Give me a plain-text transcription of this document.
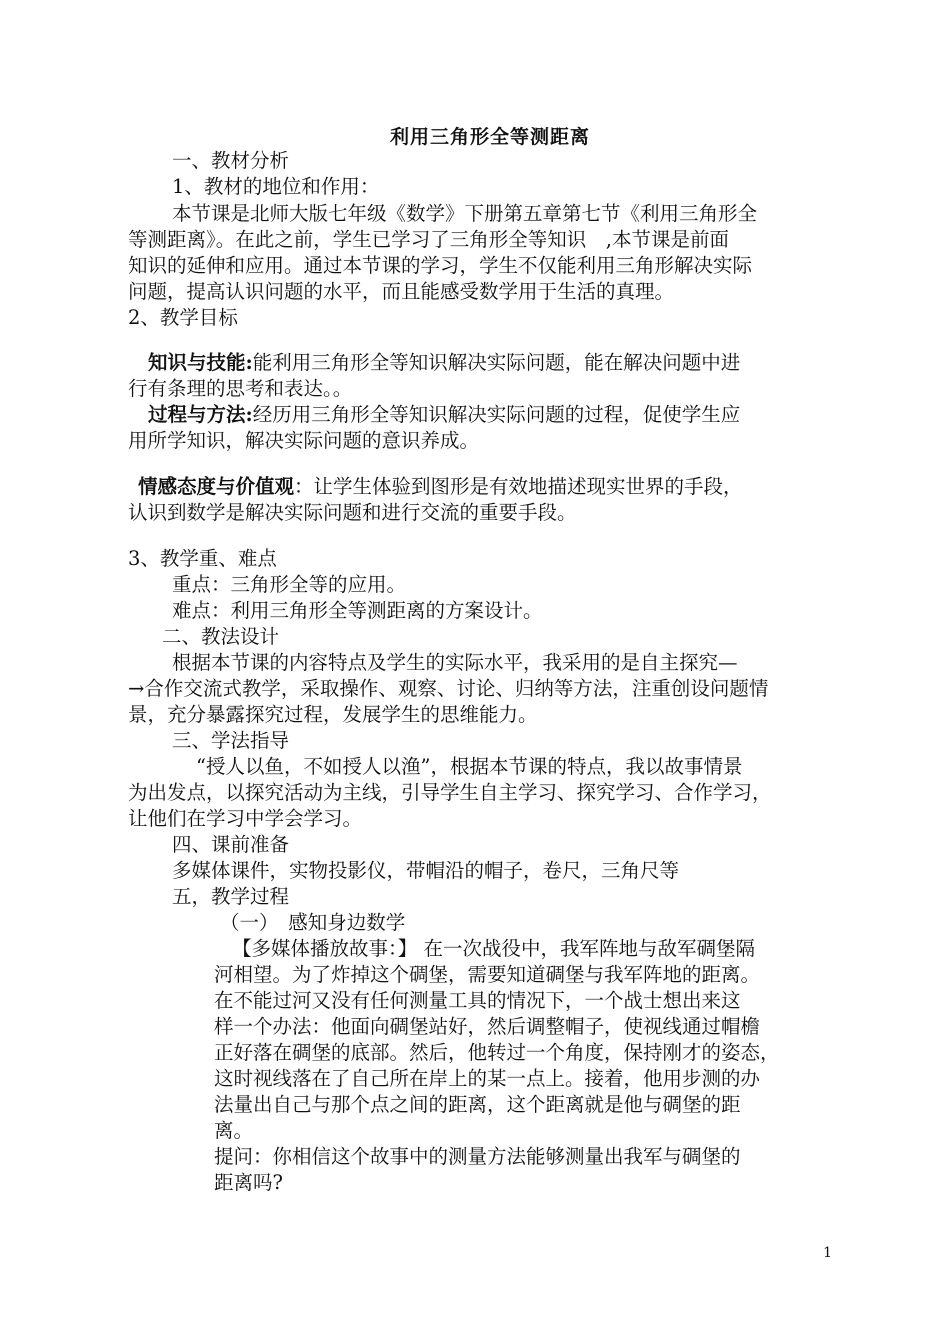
利用三角形全等测距离
一、教材分析
1、教材的地位和作用：
本节课是北师大版七年级《数学》下册第五章第七节《利用三角形全
等测距离》。在此之前，学生已学习了三角形全等知识　,本节课是前面
知识的延伸和应用。通过本节课的学习，学生不仅能利用三角形解决实际
问题，提高认识问题的水平，而且能感受数学用于生活的真理。
2、教学目标
知识与技能:能利用三角形全等知识解决实际问题，能在解决问题中进
行有条理的思考和表达。。
过程与方法:经历用三角形全等知识解决实际问题的过程，促使学生应
用所学知识，解决实际问题的意识养成。
情感态度与价值观：让学生体验到图形是有效地描述现实世界的手段，
认识到数学是解决实际问题和进行交流的重要手段。
3、教学重、难点
重点：三角形全等的应用。
难点：利用三角形全等测距离的方案设计。
二、教法设计
根据本节课的内容特点及学生的实际水平，我采用的是自主探究—
→合作交流式教学，采取操作、观察、讨论、归纳等方法，注重创设问题情
景，充分暴露探究过程，发展学生的思维能力。
三、学法指导
“授人以鱼，不如授人以渔”，根据本节课的特点，我以故事情景
为出发点，以探究活动为主线，引导学生自主学习、探究学习、合作学习，
让他们在学习中学会学习。
四、课前准备
多媒体课件，实物投影仪，带帽沿的帽子，卷尺，三角尺等
五，教学过程
（一）　感知身边数学
【多媒体播放故事：】 在一次战役中，我军阵地与敌军碉堡隔
河相望。为了炸掉这个碉堡，需要知道碉堡与我军阵地的距离。
在不能过河又没有任何测量工具的情况下，一个战士想出来这
样一个办法：他面向碉堡站好，然后调整帽子，使视线通过帽檐
正好落在碉堡的底部。然后，他转过一个角度，保持刚才的姿态，
这时视线落在了自己所在岸上的某一点上。接着，他用步测的办
法量出自己与那个点之间的距离，这个距离就是他与碉堡的距
离。
提问：你相信这个故事中的测量方法能够测量出我军与碉堡的
距离吗?
1
